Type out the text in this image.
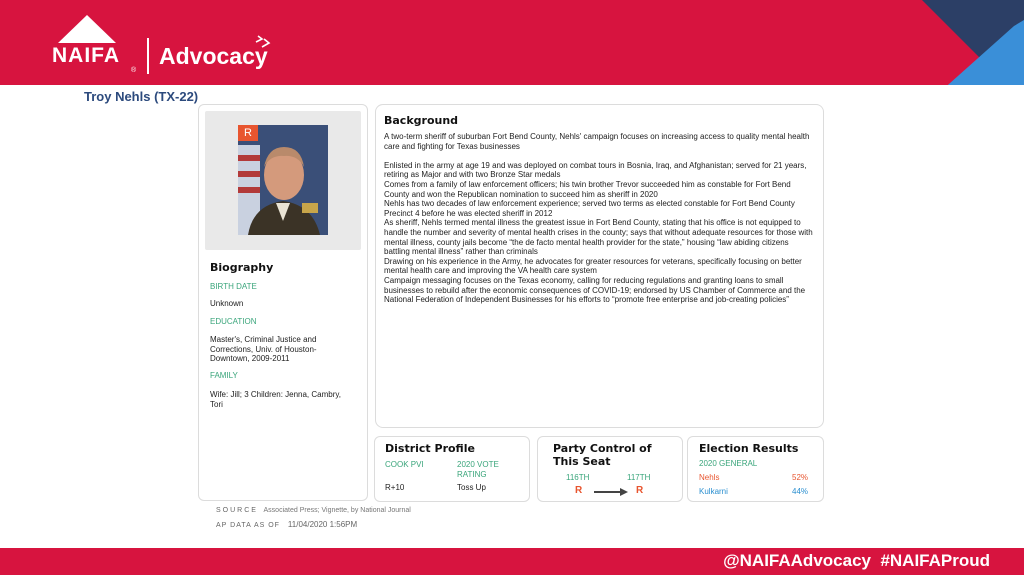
NAIFA
®
Advocacy
Troy Nehls (TX-22)
R
Biography
BIRTH DATE
Unknown
EDUCATION
Master's, Criminal Justice and Corrections, Univ. of Houston-Downtown, 2009-2011
FAMILY
Wife: Jill; 3 Children: Jenna, Cambry, Tori
Background

A two-term sheriff of suburban Fort Bend County, Nehls' campaign focuses on increasing access to quality mental health care and fighting for Texas businesses

Enlisted in the army at age 19 and was deployed on combat tours in Bosnia, Iraq, and Afghanistan; served for 21 years, retiring as Major and with two Bronze Star medals

Comes from a family of law enforcement officers; his twin brother Trevor succeeded him as constable for Fort Bend County and won the Republican nomination to succeed him as sheriff in 2020

Nehls has two decades of law enforcement experience; served two terms as elected constable for Fort Bend County Precinct 4 before he was elected sheriff in 2012

As sheriff, Nehls termed mental illness the greatest issue in Fort Bend County, stating that his office is not equipped to handle the number and severity of mental health crises in the county; says that without adequate resources for those with mental illness, county jails become “the de facto mental health provider for the state,” housing “law abiding citizens battling mental illness” rather than criminals

Drawing on his experience in the Army, he advocates for greater resources for veterans, specifically focusing on better mental health care and improving the VA health care system

Campaign messaging focuses on the Texas economy, calling for reducing regulations and granting loans to small businesses to rebuild after the economic consequences of COVID-19; endorsed by US Chamber of Commerce and the National Federation of Independent Businesses for his efforts to “promote free enterprise and job-creating policies”

District Profile
COOK PVI	2020 VOTE RATING
R+10	Toss Up
Party Control of This Seat
116TH	117TH
R	R
Election Results
2020 GENERAL
Nehls	52%
Kulkarni	44%
SOURCE Associated Press; Vignette, by National Journal
AP DATA AS OF 11/04/2020 1:56PM
@NAIFAAdvocacy #NAIFAProud
